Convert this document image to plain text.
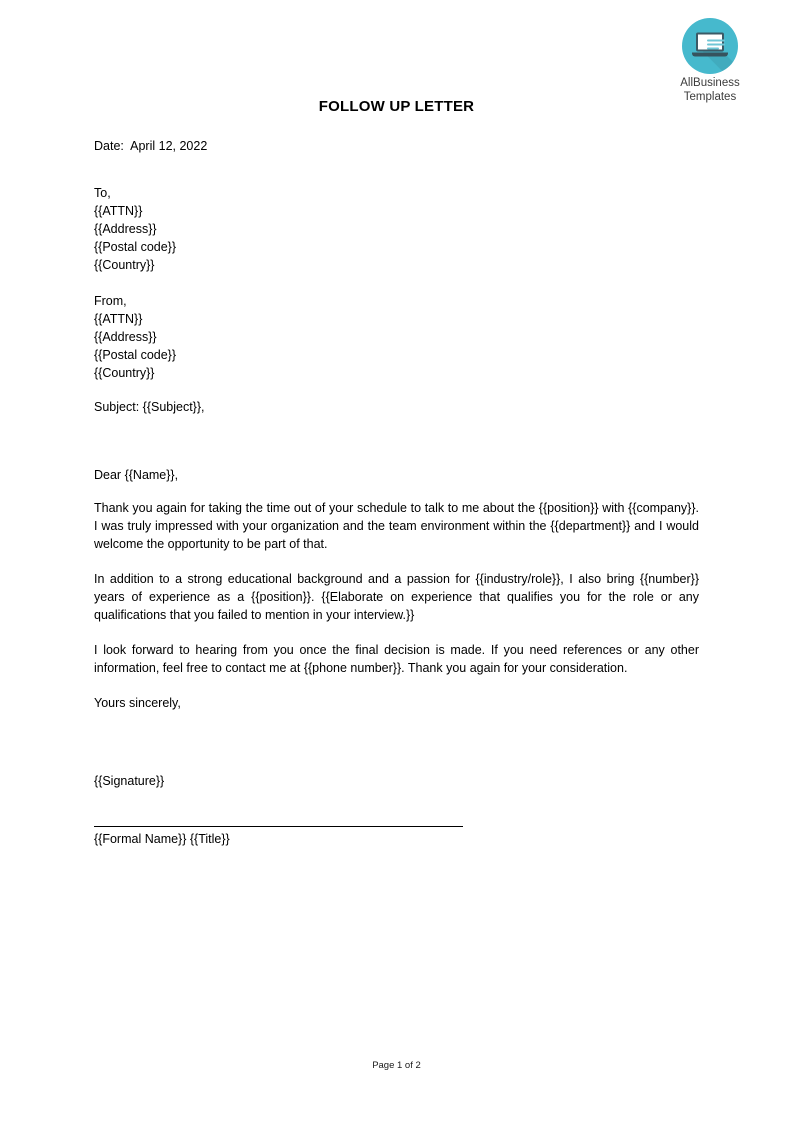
AllBusiness
Templates
FOLLOW UP LETTER
Date:  April 12, 2022
To,
{{ATTN}}
{{Address}}
{{Postal code}}
{{Country}}
From,
{{ATTN}}
{{Address}}
{{Postal code}}
{{Country}}
Subject: {{Subject}},
Dear {{Name}},
Thank you again for taking the time out of your schedule to talk to me about the {{position}} with {{company}}. I was truly impressed with your organization and the team environment within the {{department}} and I would welcome the opportunity to be part of that.
In addition to a strong educational background and a passion for {{industry/role}}, I also bring {{number}} years of experience as a {{position}}. {{Elaborate on experience that qualifies you for the role or any qualifications that you failed to mention in your interview.}}
I look forward to hearing from you once the final decision is made. If you need references or any other information, feel free to contact me at {{phone number}}. Thank you again for your consideration.
Yours sincerely,
{{Signature}}
{{Formal Name}} {{Title}}
Page 1 of 2
